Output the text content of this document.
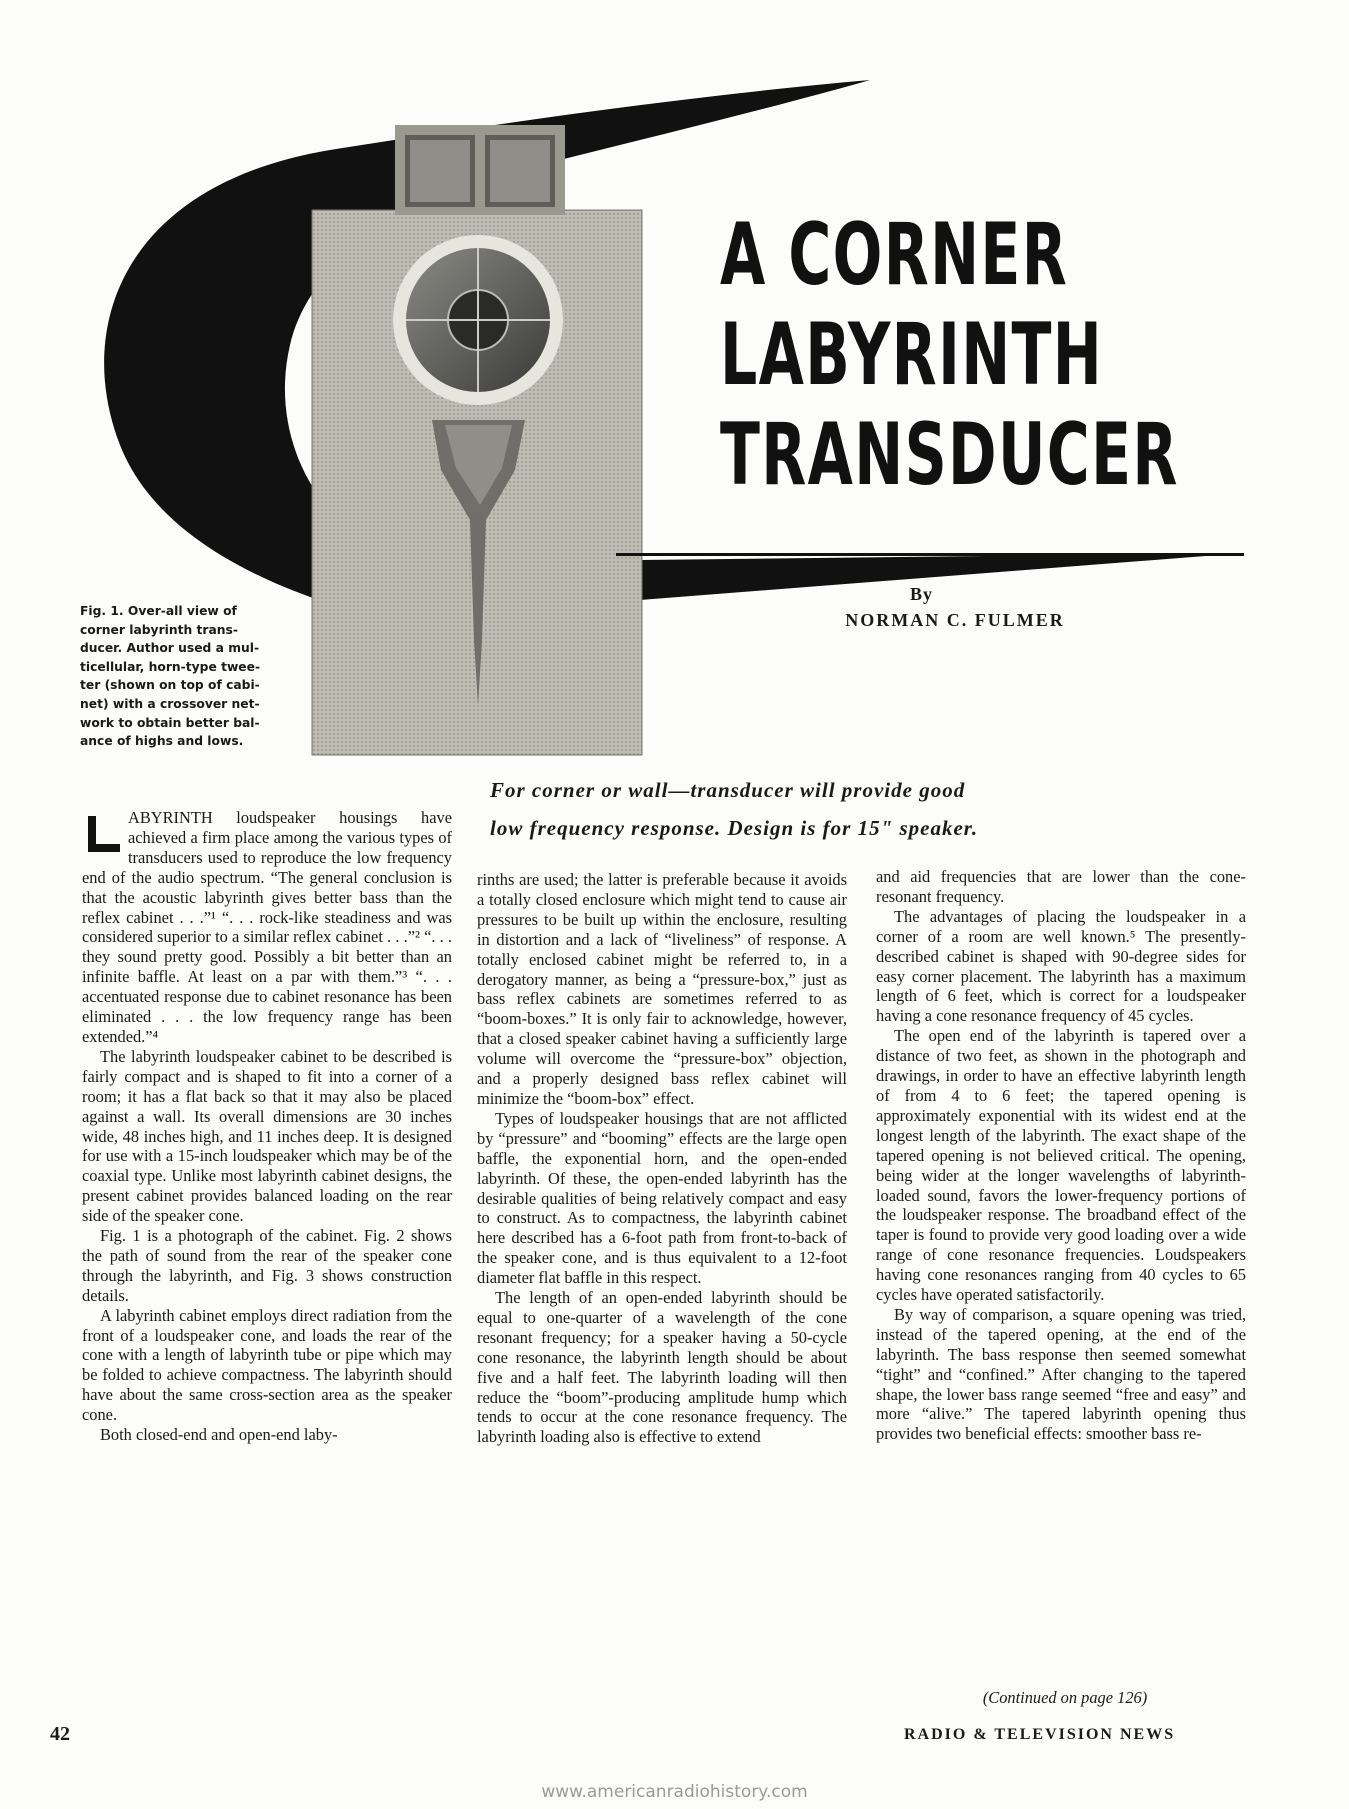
A CORNER
LABYRINTH
TRANSDUCER
By
NORMAN C. FULMER
Fig. 1. Over-all view of
corner labyrinth trans-
ducer. Author used a mul-
ticellular, horn-type twee-
ter (shown on top of cabi-
net) with a crossover net-
work to obtain better bal-
ance of highs and lows.
For corner or wall—transducer will provide good
low frequency response. Design is for 15" speaker.

ABYRINTH loudspeaker housings have achieved a firm place among the various types of transducers used to reproduce the low frequency end of the audio spectrum. “The general conclusion is that the acoustic labyrinth gives better bass than the reflex cabinet . . .”¹ “. . . rock-like steadiness and was considered superior to a similar reflex cabinet . . .”² “. . . they sound pretty good. Possibly a bit better than an infinite baffle. At least on a par with them.”³ “. . . accentuated response due to cabinet resonance has been eliminated . . . the low frequency range has been extended.”⁴

The labyrinth loudspeaker cabinet to be described is fairly compact and is shaped to fit into a corner of a room; it has a flat back so that it may also be placed against a wall. Its overall dimensions are 30 inches wide, 48 inches high, and 11 inches deep. It is designed for use with a 15-inch loudspeaker which may be of the coaxial type. Unlike most labyrinth cabinet designs, the present cabinet provides balanced loading on the rear side of the speaker cone.

Fig. 1 is a photograph of the cabinet. Fig. 2 shows the path of sound from the rear of the speaker cone through the labyrinth, and Fig. 3 shows construction details.

A labyrinth cabinet employs direct radiation from the front of a loudspeaker cone, and loads the rear of the cone with a length of labyrinth tube or pipe which may be folded to achieve compactness. The labyrinth should have about the same cross-section area as the speaker cone.

Both closed-end and open-end laby-

rinths are used; the latter is preferable because it avoids a totally closed enclosure which might tend to cause air pressures to be built up within the enclosure, resulting in distortion and a lack of “liveliness” of response. A totally enclosed cabinet might be referred to, in a derogatory manner, as being a “pressure-box,” just as bass reflex cabinets are sometimes referred to as “boom-boxes.” It is only fair to acknowledge, however, that a closed speaker cabinet having a sufficiently large volume will overcome the “pressure-box” objection, and a properly designed bass reflex cabinet will minimize the “boom-box” effect.

Types of loudspeaker housings that are not afflicted by “pressure” and “booming” effects are the large open baffle, the exponential horn, and the open-ended labyrinth. Of these, the open-ended labyrinth has the desirable qualities of being relatively compact and easy to construct. As to compactness, the labyrinth cabinet here described has a 6-foot path from front-to-back of the speaker cone, and is thus equivalent to a 12-foot diameter flat baffle in this respect.

The length of an open-ended labyrinth should be equal to one-quarter of a wavelength of the cone resonant frequency; for a speaker having a 50-cycle cone resonance, the labyrinth length should be about five and a half feet. The labyrinth loading will then reduce the “boom”-producing amplitude hump which tends to occur at the cone resonance frequency. The labyrinth loading also is effective to extend

and aid frequencies that are lower than the cone-resonant frequency.

The advantages of placing the loudspeaker in a corner of a room are well known.⁵ The presently-described cabinet is shaped with 90-degree sides for easy corner placement. The labyrinth has a maximum length of 6 feet, which is correct for a loudspeaker having a cone resonance frequency of 45 cycles.

The open end of the labyrinth is tapered over a distance of two feet, as shown in the photograph and drawings, in order to have an effective labyrinth length of from 4 to 6 feet; the tapered opening is approximately exponential with its widest end at the longest length of the labyrinth. The exact shape of the tapered opening is not believed critical. The opening, being wider at the longer wavelengths of labyrinth-loaded sound, favors the lower-frequency portions of the loudspeaker response. The broadband effect of the taper is found to provide very good loading over a wide range of cone resonance frequencies. Loudspeakers having cone resonances ranging from 40 cycles to 65 cycles have operated satisfactorily.

By way of comparison, a square opening was tried, instead of the tapered opening, at the end of the labyrinth. The bass response then seemed somewhat “tight” and “confined.” After changing to the tapered shape, the lower bass range seemed “free and easy” and more “alive.” The tapered labyrinth opening thus provides two beneficial effects: smoother bass re-

(Continued on page 126)
42	RADIO & TELEVISION NEWS
www.americanradiohistory.com
